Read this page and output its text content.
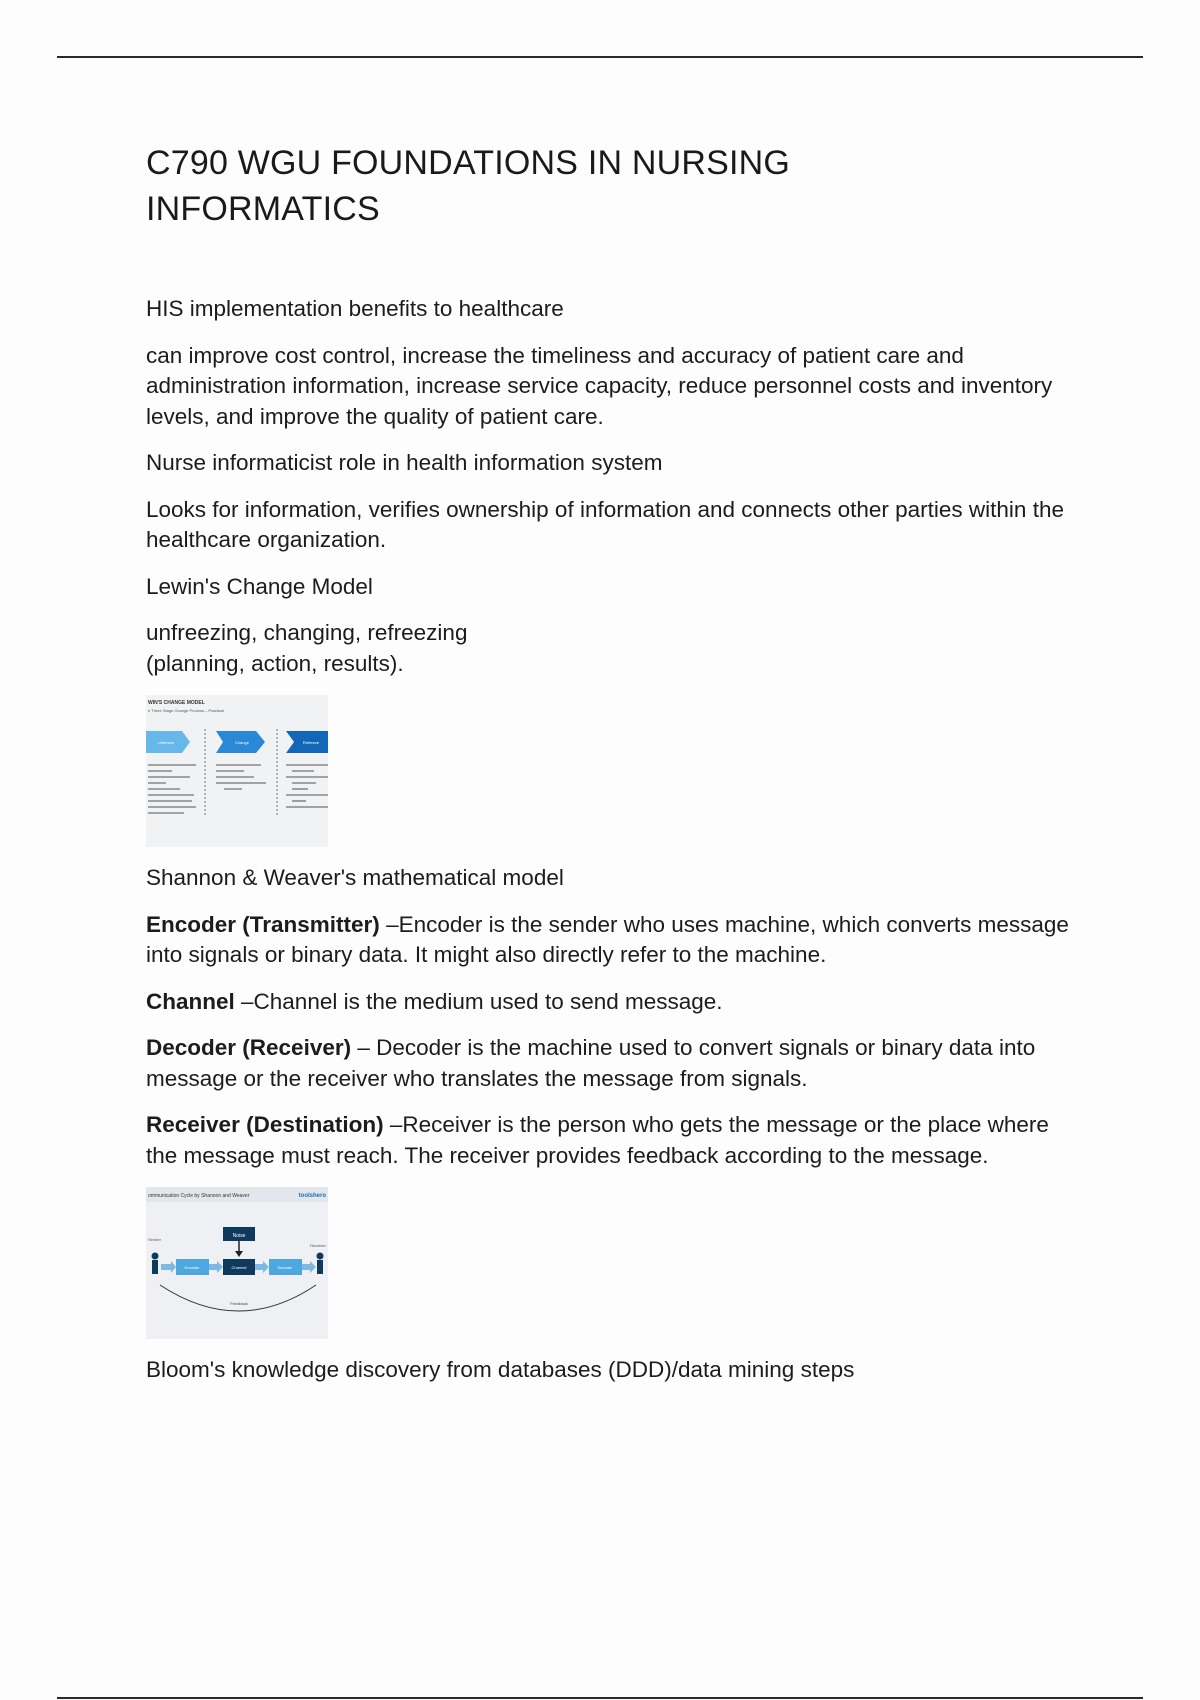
C790 WGU FOUNDATIONS IN NURSING
INFORMATICS

HIS implementation benefits to healthcare

can improve cost control, increase the timeliness and accuracy of patient care and administration information, increase service capacity, reduce personnel costs and inventory levels, and improve the quality of patient care.

Nurse informaticist role in health information system

Looks for information, verifies ownership of information and connects other parties within the healthcare organization.

Lewin's Change Model

unfreezing, changing, refreezing
(planning, action, results).

WIN'S CHANGE MODEL
e Three Stage Change Process – Practical
Unfreeze	Change	Refreeze

Shannon & Weaver's mathematical model

Encoder (Transmitter) –Encoder is the sender who uses machine, which converts message into signals or binary data. It might also directly refer to the machine.

Channel –Channel is the medium used to send message.

Decoder (Receiver) – Decoder is the machine used to convert signals or binary data into message or the receiver who translates the message from signals.

Receiver (Destination) –Receiver is the person who gets the message or the place where the message must reach. The receiver provides feedback according to the message.

ommunication Cycle by Shannon and Weaver	toolshero
Noise
Sender
Receiver
Encoder	Channel	Decoder
Feedback

Bloom's knowledge discovery from databases (DDD)/data mining steps
